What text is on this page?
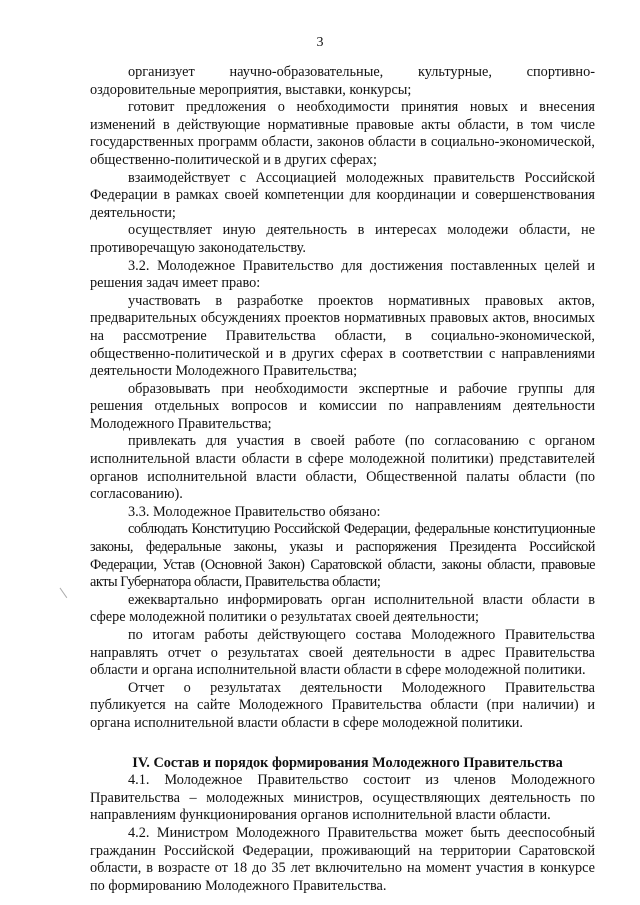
3

организует научно-образовательные, культурные, спортивно-оздоровительные мероприятия, выставки, конкурсы;

готовит предложения о необходимости принятия новых и внесения изменений в действующие нормативные правовые акты области, в том числе государственных программ области, законов области в социально-экономической, общественно-политической и в других сферах;

взаимодействует с Ассоциацией молодежных правительств Российской Федерации в рамках своей компетенции для координации и совершенствования деятельности;

осуществляет иную деятельность в интересах молодежи области, не противоречащую законодательству.

3.2. Молодежное Правительство для достижения поставленных целей и решения задач имеет право:

участвовать в разработке проектов нормативных правовых актов, предварительных обсуждениях проектов нормативных правовых актов, вносимых на рассмотрение Правительства области, в социально-экономической, общественно-политической и в других сферах в соответствии с направлениями деятельности Молодежного Правительства;

образовывать при необходимости экспертные и рабочие группы для решения отдельных вопросов и комиссии по направлениям деятельности Молодежного Правительства;

привлекать для участия в своей работе (по согласованию с органом исполнительной власти области в сфере молодежной политики) представителей органов исполнительной власти области, Общественной палаты области (по согласованию).

3.3. Молодежное Правительство обязано:

соблюдать Конституцию Российской Федерации, федеральные конституционные законы, федеральные законы, указы и распоряжения Президента Российской Федерации, Устав (Основной Закон) Саратовской области, законы области, правовые акты Губернатора области, Правительства области;

ежеквартально информировать орган исполнительной власти области в сфере молодежной политики о результатах своей деятельности;

по итогам работы действующего состава Молодежного Правительства направлять отчет о результатах своей деятельности в адрес Правительства области и органа исполнительной власти области в сфере молодежной политики.

Отчет о результатах деятельности Молодежного Правительства публикуется на сайте Молодежного Правительства области (при наличии) и органа исполнительной власти области в сфере молодежной политики.

IV. Состав и порядок формирования Молодежного Правительства

4.1. Молодежное Правительство состоит из членов Молодежного Правительства – молодежных министров, осуществляющих деятельность по направлениям функционирования органов исполнительной власти области.

4.2. Министром Молодежного Правительства может быть дееспособный гражданин Российской Федерации, проживающий на территории Саратовской области, в возрасте от 18 до 35 лет включительно на момент участия в конкурсе по формированию Молодежного Правительства.
